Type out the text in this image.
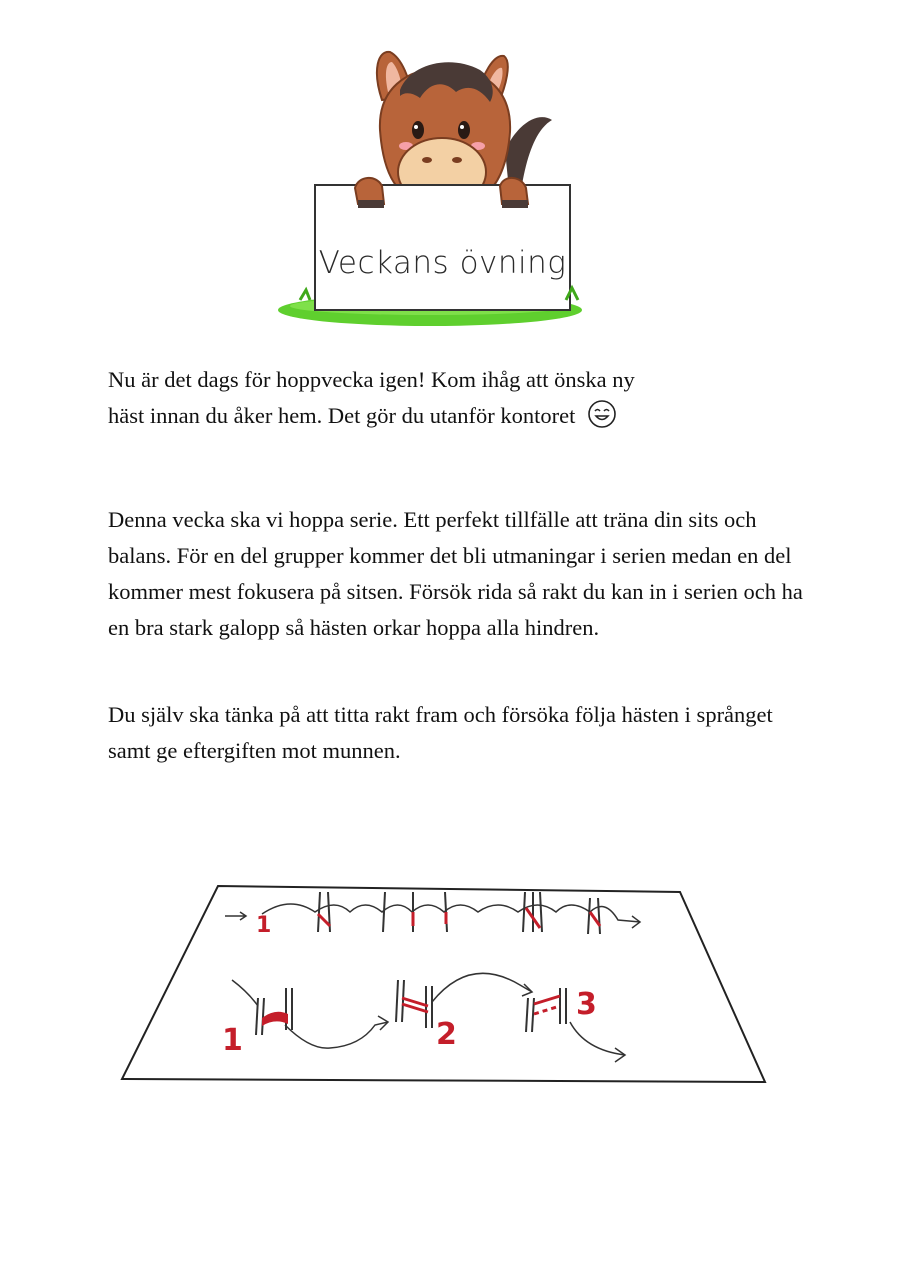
Veckans övning

Nu är det dags för hoppvecka igen! Kom ihåg att önska ny
häst innan du åker hem. Det gör du utanför kontoret

Denna vecka ska vi hoppa serie. Ett perfekt tillfälle att träna din sits och balans. För en del grupper kommer det bli utmaningar i serien medan en del kommer mest fokusera på sitsen. Försök rida så rakt du kan in i serien och ha en bra stark galopp så hästen orkar hoppa alla hindren.

Du själv ska tänka på att titta rakt fram och försöka följa hästen i språnget samt ge eftergiften mot munnen.

1
1	2
3
